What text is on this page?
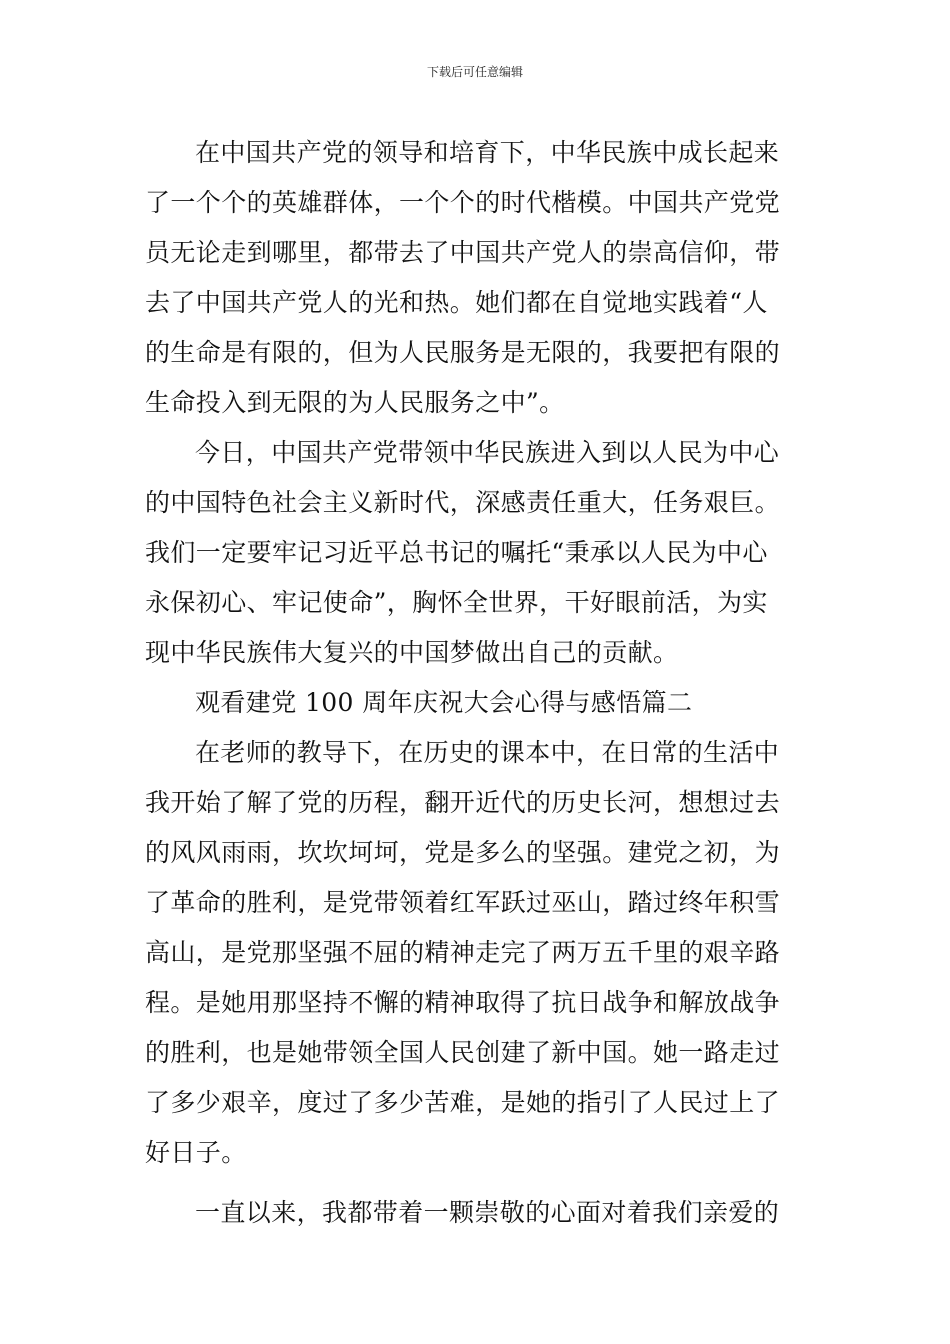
下载后可任意编辑
在中国共产党的领导和培育下，中华民族中成长起来
了一个个的英雄群体，一个个的时代楷模。中国共产党党
员无论走到哪里，都带去了中国共产党人的崇高信仰，带
去了中国共产党人的光和热。她们都在自觉地实践着“人
的生命是有限的，但为人民服务是无限的，我要把有限的
生命投入到无限的为人民服务之中”。
今日，中国共产党带领中华民族进入到以人民为中心
的中国特色社会主义新时代，深感责任重大，任务艰巨。
我们一定要牢记习近平总书记的嘱托“秉承以人民为中心
永保初心、牢记使命”，胸怀全世界，干好眼前活，为实
现中华民族伟大复兴的中国梦做出自己的贡献。
观看建党 100 周年庆祝大会心得与感悟篇二
在老师的教导下，在历史的课本中，在日常的生活中
我开始了解了党的历程，翻开近代的历史长河，想想过去
的风风雨雨，坎坎坷坷，党是多么的坚强。建党之初，为
了革命的胜利，是党带领着红军跃过巫山，踏过终年积雪
高山，是党那坚强不屈的精神走完了两万五千里的艰辛路
程。是她用那坚持不懈的精神取得了抗日战争和解放战争
的胜利，也是她带领全国人民创建了新中国。她一路走过
了多少艰辛，度过了多少苦难，是她的指引了人民过上了
好日子。
一直以来，我都带着一颗崇敬的心面对着我们亲爱的
